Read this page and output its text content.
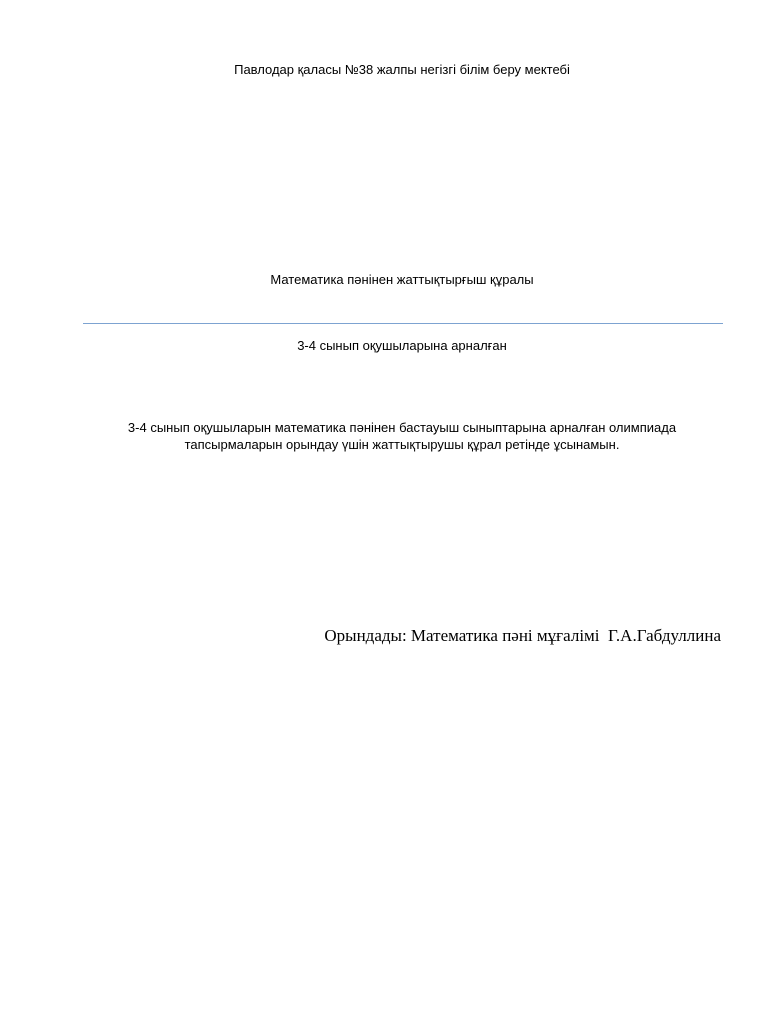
Павлодар қаласы №38 жалпы негізгі білім беру мектебі
Математика пәнінен жаттықтырғыш құралы
3-4 сынып оқушыларына арналған
3-4 сынып оқушыларын математика пәнінен бастауыш сыныптарына арналған олимпиада
тапсырмаларын орындау үшін жаттықтырушы құрал ретінде ұсынамын.
Орындады: Математика пәні мұғалімі  Г.А.Габдуллина
